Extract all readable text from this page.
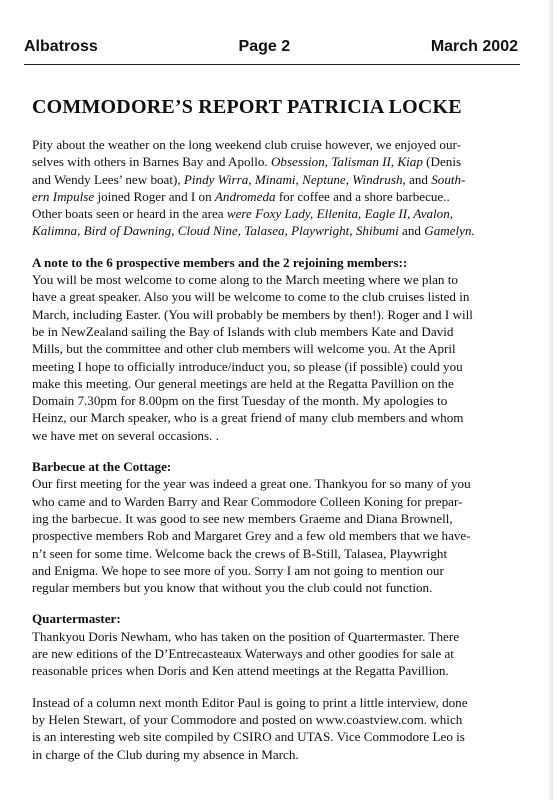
Albatross	Page 2	March 2002
COMMODORE’S REPORT PATRICIA LOCKE

Pity about the weather on the long weekend club cruise however, we enjoyed our-
selves with others in Barnes Bay and Apollo. Obsession, Talisman II, Kiap (Denis
and Wendy Lees’ new boat), Pindy Wirra, Minami, Neptune, Windrush, and South-
ern Impulse joined Roger and I on Andromeda for coffee and a shore barbecue..
Other boats seen or heard in the area were Foxy Lady, Ellenita, Eagle II, Avalon,
Kalimna, Bird of Dawning, Cloud Nine, Talasea, Playwright, Shibumi and Gamelyn.

A note to the 6 prospective members and the 2 rejoining members::
You will be most welcome to come along to the March meeting where we plan to
have a great speaker. Also you will be welcome to come to the club cruises listed in
March, including Easter. (You will probably be members by then!). Roger and I will
be in NewZealand sailing the Bay of Islands with club members Kate and David
Mills, but the committee and other club members will welcome you. At the April
meeting I hope to officially introduce/induct you, so please (if possible) could you
make this meeting. Our general meetings are held at the Regatta Pavillion on the
Domain 7.30pm for 8.00pm on the first Tuesday of the month. My apologies to
Heinz, our March speaker, who is a great friend of many club members and whom
we have met on several occasions. .
Barbecue at the Cottage:
Our first meeting for the year was indeed a great one. Thankyou for so many of you
who came and to Warden Barry and Rear Commodore Colleen Koning for prepar-
ing the barbecue. It was good to see new members Graeme and Diana Brownell,
prospective members Rob and Margaret Grey and a few old members that we have-
n’t seen for some time. Welcome back the crews of B-Still, Talasea, Playwright
and Enigma. We hope to see more of you. Sorry I am not going to mention our
regular members but you know that without you the club could not function.
Quartermaster:
Thankyou Doris Newham, who has taken on the position of Quartermaster. There
are new editions of the D’Entrecasteaux Waterways and other goodies for sale at
reasonable prices when Doris and Ken attend meetings at the Regatta Pavillion.
Instead of a column next month Editor Paul is going to print a little interview, done
by Helen Stewart, of your Commodore and posted on www.coastview.com. which
is an interesting web site compiled by CSIRO and UTAS. Vice Commodore Leo is
in charge of the Club during my absence in March.
